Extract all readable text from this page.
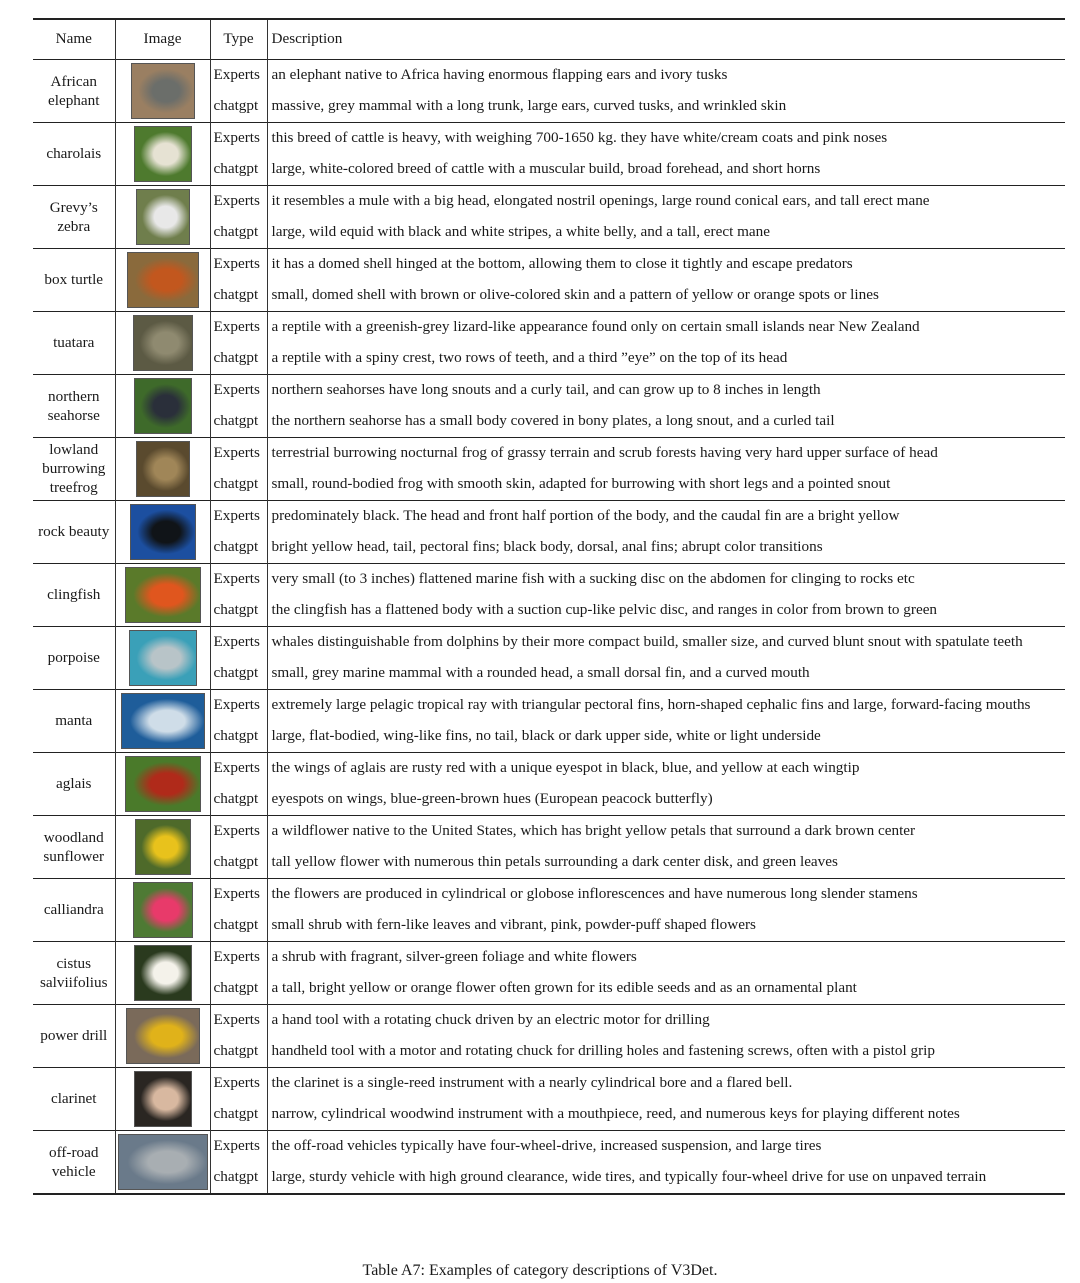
Name	Image	Type	Description
African elephant		Experts	an elephant native to Africa having enormous flapping ears and ivory tusks
		chatgpt	massive, grey mammal with a long trunk, large ears, curved tusks, and wrinkled skin
charolais		Experts	this breed of cattle is heavy, with weighing 700-1650 kg. they have white/cream coats and pink noses
		chatgpt	large, white-colored breed of cattle with a muscular build, broad forehead, and short horns
Grevy’s zebra		Experts	it resembles a mule with a big head, elongated nostril openings, large round conical ears, and tall erect mane
		chatgpt	large, wild equid with black and white stripes, a white belly, and a tall, erect mane
box turtle		Experts	it has a domed shell hinged at the bottom, allowing them to close it tightly and escape predators
		chatgpt	small, domed shell with brown or olive-colored skin and a pattern of yellow or orange spots or lines
tuatara		Experts	a reptile with a greenish-grey lizard-like appearance found only on certain small islands near New Zealand
		chatgpt	a reptile with a spiny crest, two rows of teeth, and a third ”eye” on the top of its head
northern seahorse		Experts	northern seahorses have long snouts and a curly tail, and can grow up to 8 inches in length
		chatgpt	the northern seahorse has a small body covered in bony plates, a long snout, and a curled tail
lowland burrowing treefrog		Experts	terrestrial burrowing nocturnal frog of grassy terrain and scrub forests having very hard upper surface of head
		chatgpt	small, round-bodied frog with smooth skin, adapted for burrowing with short legs and a pointed snout
rock beauty		Experts	predominately black. The head and front half portion of the body, and the caudal fin are a bright yellow
		chatgpt	bright yellow head, tail, pectoral fins; black body, dorsal, anal fins; abrupt color transitions
clingfish		Experts	very small (to 3 inches) flattened marine fish with a sucking disc on the abdomen for clinging to rocks etc
		chatgpt	the clingfish has a flattened body with a suction cup-like pelvic disc, and ranges in color from brown to green
porpoise		Experts	whales distinguishable from dolphins by their more compact build, smaller size, and curved blunt snout with spatulate teeth
		chatgpt	small, grey marine mammal with a rounded head, a small dorsal fin, and a curved mouth
manta		Experts	extremely large pelagic tropical ray with triangular pectoral fins, horn-shaped cephalic fins and large, forward-facing mouths
		chatgpt	large, flat-bodied, wing-like fins, no tail, black or dark upper side, white or light underside
aglais		Experts	the wings of aglais are rusty red with a unique eyespot in black, blue, and yellow at each wingtip
		chatgpt	eyespots on wings, blue-green-brown hues (European peacock butterfly)
woodland sunflower		Experts	a wildflower native to the United States, which has bright yellow petals that surround a dark brown center
		chatgpt	tall yellow flower with numerous thin petals surrounding a dark center disk, and green leaves
calliandra		Experts	the flowers are produced in cylindrical or globose inflorescences and have numerous long slender stamens
		chatgpt	small shrub with fern-like leaves and vibrant, pink, powder-puff shaped flowers
cistus salviifolius		Experts	a shrub with fragrant, silver-green foliage and white flowers
		chatgpt	a tall, bright yellow or orange flower often grown for its edible seeds and as an ornamental plant
power drill		Experts	a hand tool with a rotating chuck driven by an electric motor for drilling
		chatgpt	handheld tool with a motor and rotating chuck for drilling holes and fastening screws, often with a pistol grip
clarinet		Experts	the clarinet is a single-reed instrument with a nearly cylindrical bore and a flared bell.
		chatgpt	narrow, cylindrical woodwind instrument with a mouthpiece, reed, and numerous keys for playing different notes
off-road vehicle		Experts	the off-road vehicles typically have four-wheel-drive, increased suspension, and large tires
		chatgpt	large, sturdy vehicle with high ground clearance, wide tires, and typically four-wheel drive for use on unpaved terrain
Table A7: Examples of category descriptions of V3Det.
